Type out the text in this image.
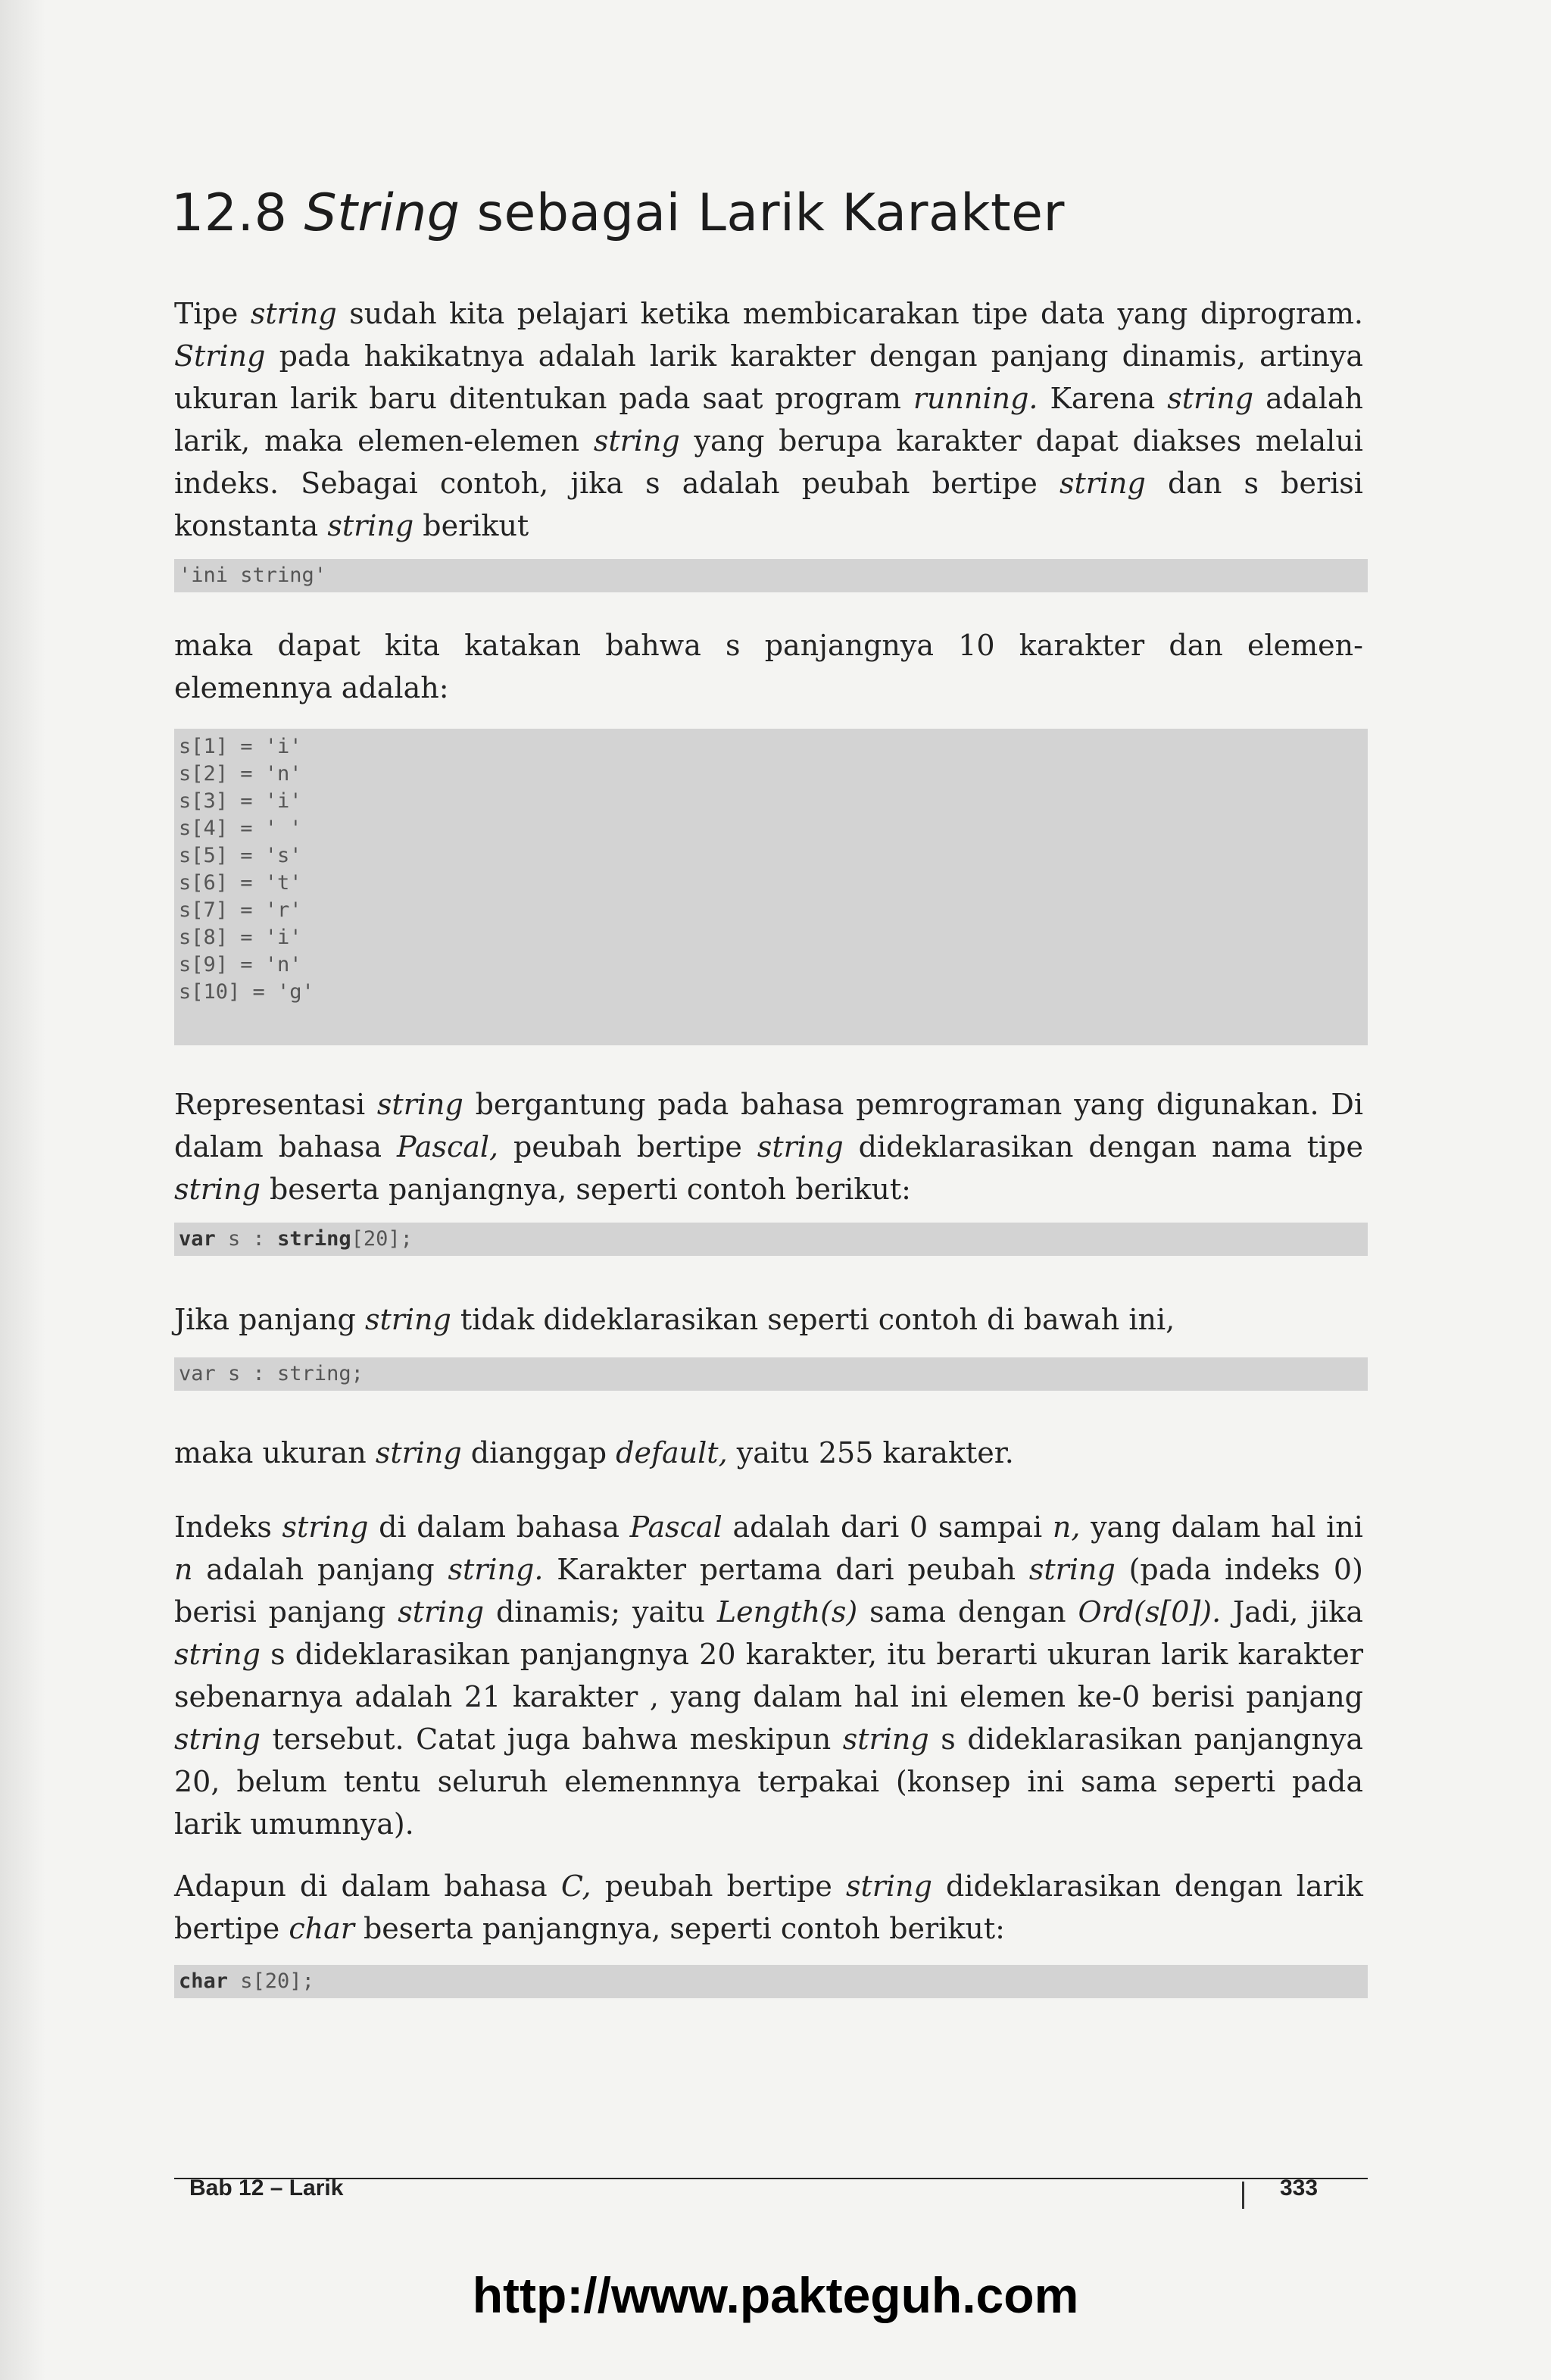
12.8 String sebagai Larik Karakter
Tipe string sudah kita pelajari ketika membicarakan tipe data yang diprogram. String pada hakikatnya adalah larik karakter dengan panjang dinamis, artinya ukuran larik baru ditentukan pada saat program running. Karena string adalah larik, maka elemen-elemen string yang berupa karakter dapat diakses melalui indeks. Sebagai contoh, jika s adalah peubah bertipe string dan s berisi konstanta string berikut
'ini string'
maka dapat kita katakan bahwa s panjangnya 10 karakter dan elemen-elemennya adalah:
s[1] = 'i'
s[2] = 'n'
s[3] = 'i'
s[4] = ' '
s[5] = 's'
s[6] = 't'
s[7] = 'r'
s[8] = 'i'
s[9] = 'n'
s[10] = 'g'
Representasi string bergantung pada bahasa pemrograman yang digunakan. Di dalam bahasa Pascal, peubah bertipe string dideklarasikan dengan nama tipe string beserta panjangnya, seperti contoh berikut:
var s : string[20];
Jika panjang string tidak dideklarasikan seperti contoh di bawah ini,
var s : string;
maka ukuran string dianggap default, yaitu 255 karakter.
Indeks string di dalam bahasa Pascal adalah dari 0 sampai n, yang dalam hal ini n adalah panjang string. Karakter pertama dari peubah string (pada indeks 0) berisi panjang string dinamis; yaitu Length(s) sama dengan Ord(s[0]). Jadi, jika string s dideklarasikan panjangnya 20 karakter, itu berarti ukuran larik karakter sebenarnya adalah 21 karakter , yang dalam hal ini elemen ke-0 berisi panjang string tersebut. Catat juga bahwa meskipun string s dideklarasikan panjangnya 20, belum tentu seluruh elemennnya terpakai (konsep ini sama seperti pada larik umumnya).
Adapun di dalam bahasa C, peubah bertipe string dideklarasikan dengan larik bertipe char beserta panjangnya, seperti contoh berikut:
char s[20];
Bab 12 – Larik	333
http://www.pakteguh.com
